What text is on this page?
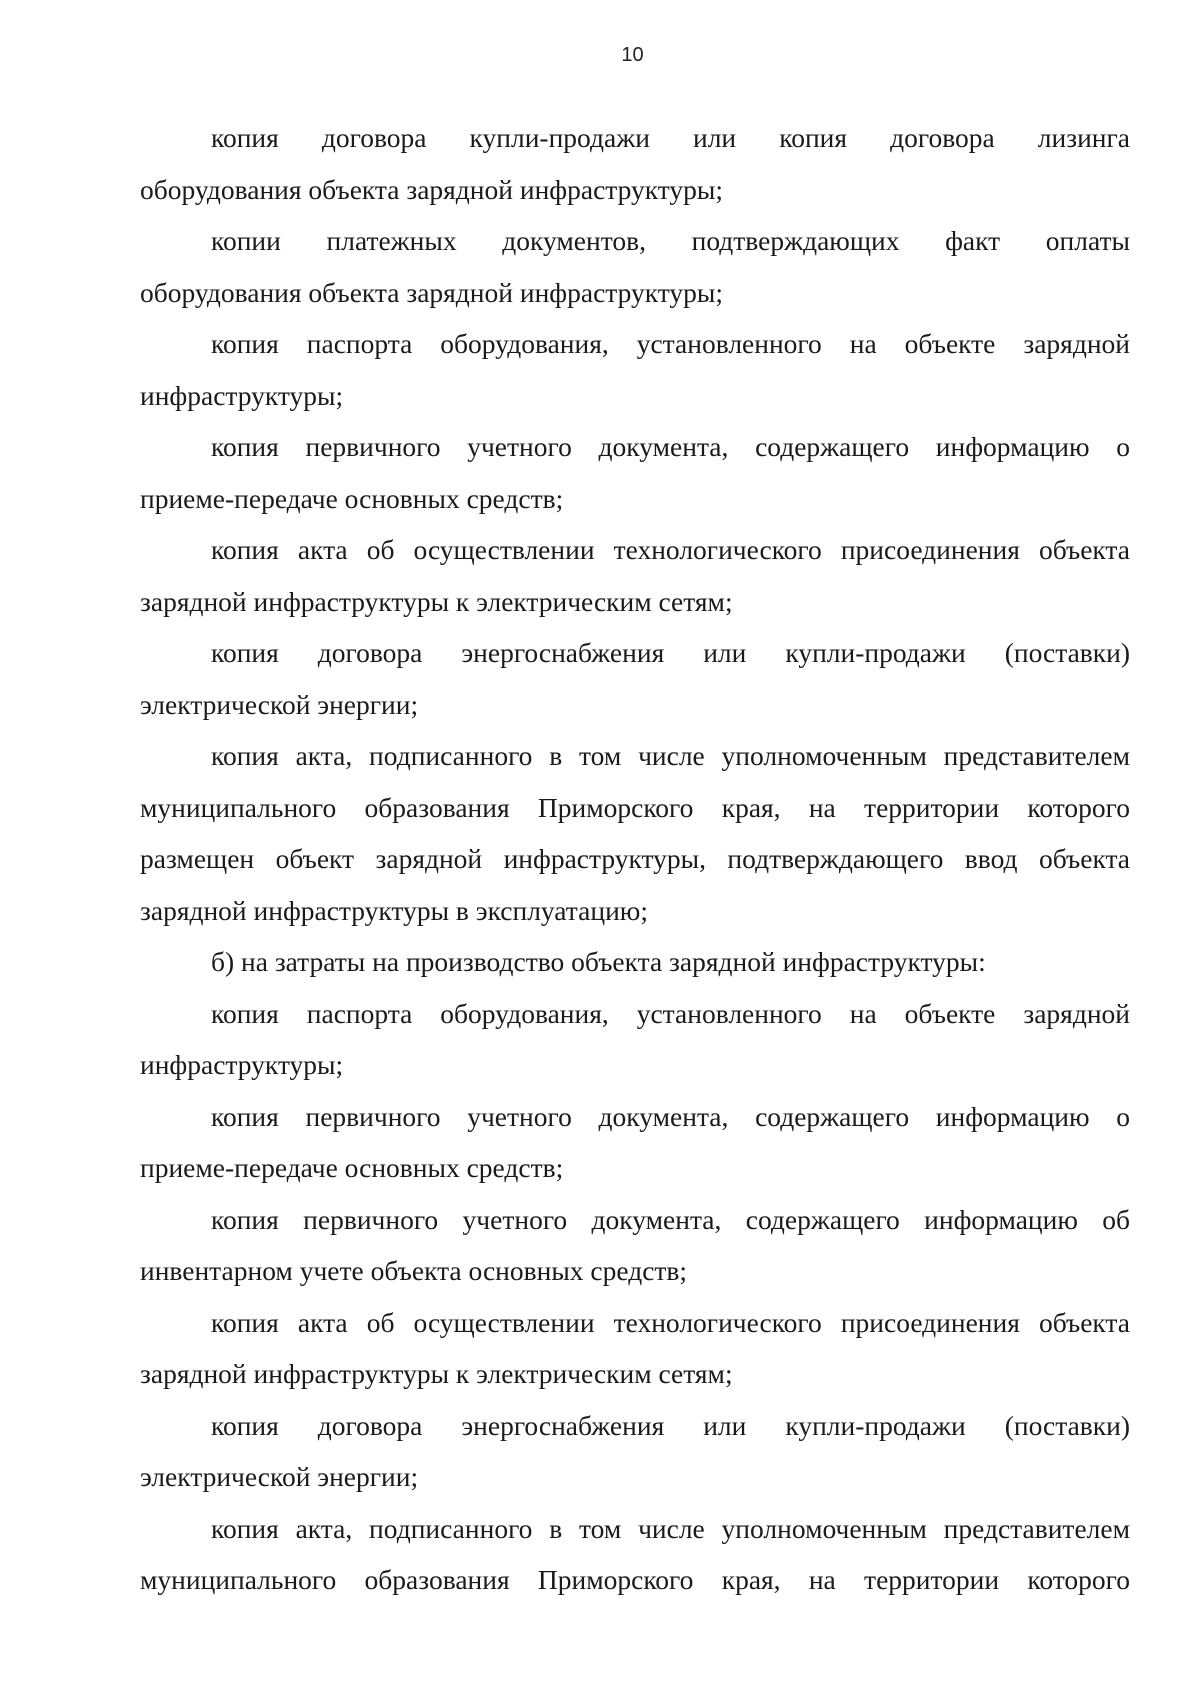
10

копия договора купли-продажи или копия договора лизинга
оборудования объекта зарядной инфраструктуры;

копии платежных документов, подтверждающих факт оплаты
оборудования объекта зарядной инфраструктуры;

копия паспорта оборудования, установленного на объекте зарядной
инфраструктуры;

копия первичного учетного документа, содержащего информацию о
приеме-передаче основных средств;

копия акта об осуществлении технологического присоединения объекта
зарядной инфраструктуры к электрическим сетям;

копия договора энергоснабжения или купли-продажи (поставки)
электрической энергии;

копия акта, подписанного в том числе уполномоченным представителем
муниципального образования Приморского края, на территории которого
размещен объект зарядной инфраструктуры, подтверждающего ввод объекта
зарядной инфраструктуры в эксплуатацию;

б) на затраты на производство объекта зарядной инфраструктуры:

копия паспорта оборудования, установленного на объекте зарядной
инфраструктуры;

копия первичного учетного документа, содержащего информацию о
приеме-передаче основных средств;

копия первичного учетного документа, содержащего информацию об
инвентарном учете объекта основных средств;

копия акта об осуществлении технологического присоединения объекта
зарядной инфраструктуры к электрическим сетям;

копия договора энергоснабжения или купли-продажи (поставки)
электрической энергии;

копия акта, подписанного в том числе уполномоченным представителем
муниципального образования Приморского края, на территории которого
